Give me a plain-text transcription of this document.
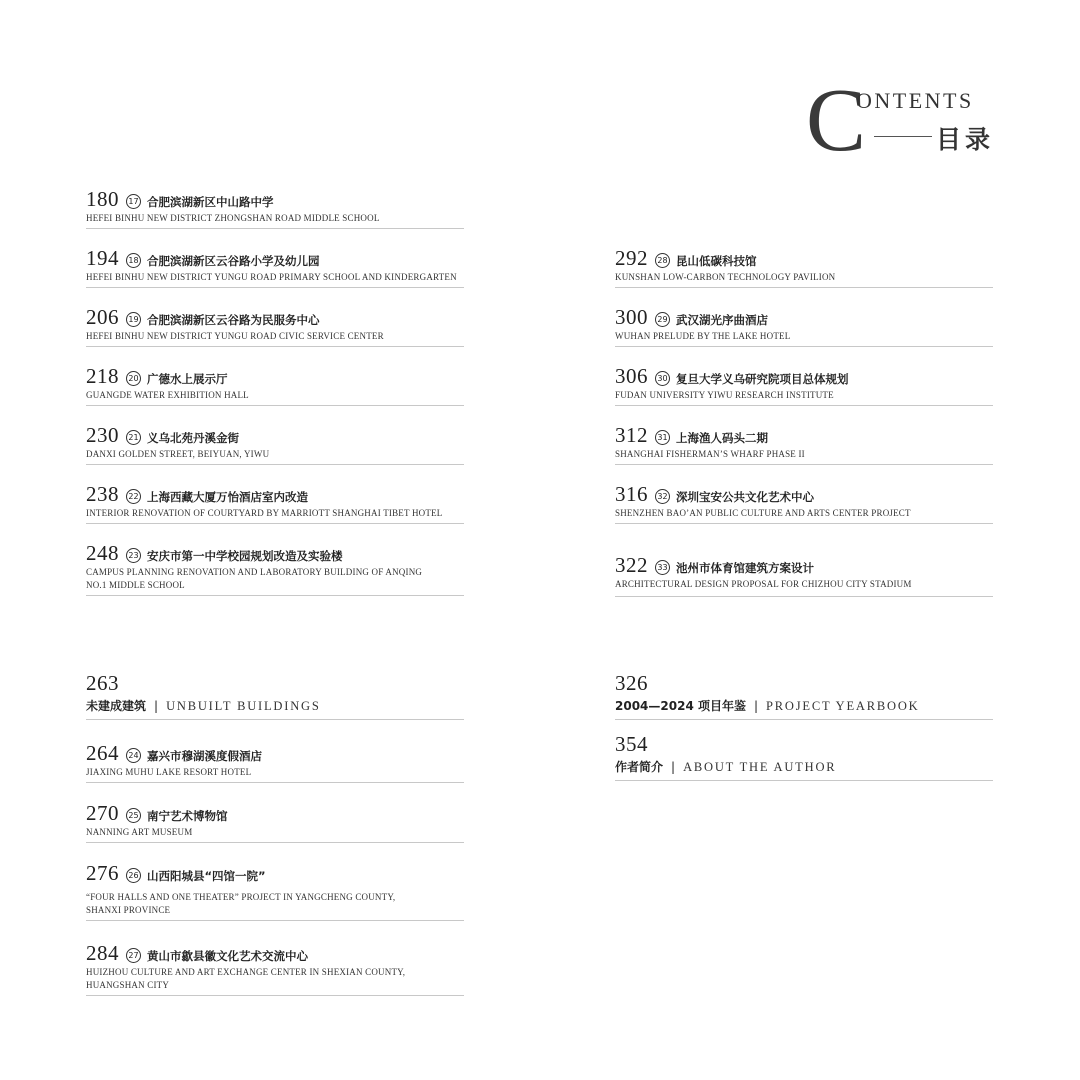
C
ONTENTS
目录
180	17 合肥滨湖新区中山路中学
HEFEI BINHU NEW DISTRICT ZHONGSHAN ROAD MIDDLE SCHOOL
194	18 合肥滨湖新区云谷路小学及幼儿园
HEFEI BINHU NEW DISTRICT YUNGU ROAD PRIMARY SCHOOL AND KINDERGARTEN
206	19 合肥滨湖新区云谷路为民服务中心
HEFEI BINHU NEW DISTRICT YUNGU ROAD CIVIC SERVICE CENTER
218	20 广德水上展示厅
GUANGDE WATER EXHIBITION HALL
230	21 义乌北苑丹溪金街
DANXI GOLDEN STREET, BEIYUAN, YIWU
238	22 上海西藏大厦万怡酒店室内改造
INTERIOR RENOVATION OF COURTYARD BY MARRIOTT SHANGHAI TIBET HOTEL
248	23 安庆市第一中学校园规划改造及实验楼
CAMPUS PLANNING RENOVATION AND LABORATORY BUILDING OF ANQING
NO.1 MIDDLE SCHOOL
292	28 昆山低碳科技馆
KUNSHAN LOW-CARBON TECHNOLOGY PAVILION
300	29 武汉湖光序曲酒店
WUHAN PRELUDE BY THE LAKE HOTEL
306	30 复旦大学义乌研究院项目总体规划
FUDAN UNIVERSITY YIWU RESEARCH INSTITUTE
312	31 上海渔人码头二期
SHANGHAI FISHERMAN’S WHARF PHASE II
316	32 深圳宝安公共文化艺术中心
SHENZHEN BAO’AN PUBLIC CULTURE AND ARTS CENTER PROJECT
322	33 池州市体育馆建筑方案设计
ARCHITECTURAL DESIGN PROPOSAL FOR CHIZHOU CITY STADIUM
263
未建成建筑 | UNBUILT BUILDINGS
326
2004—2024 项目年鉴 | PROJECT YEARBOOK
354
作者简介 | ABOUT THE AUTHOR
264	24 嘉兴市穆湖溪度假酒店
JIAXING MUHU LAKE RESORT HOTEL
270	25 南宁艺术博物馆
NANNING ART MUSEUM
276	26 山西阳城县“四馆一院”
“FOUR HALLS AND ONE THEATER” PROJECT IN YANGCHENG COUNTY,
SHANXI PROVINCE
284	27 黄山市歙县徽文化艺术交流中心
HUIZHOU CULTURE AND ART EXCHANGE CENTER IN SHEXIAN COUNTY,
HUANGSHAN CITY
